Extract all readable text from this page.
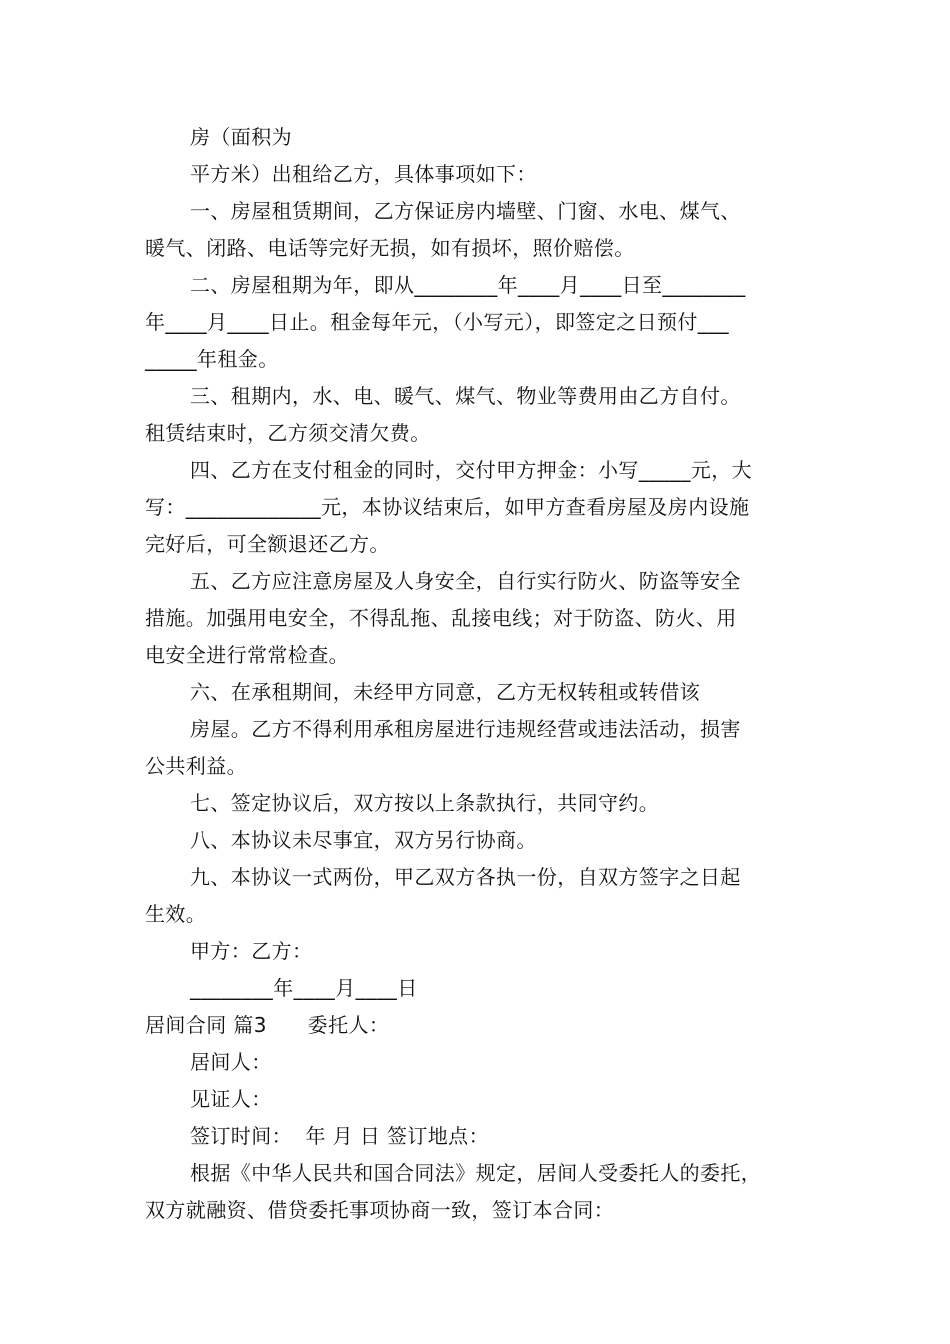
房（面积为
平方米）出租给乙方，具体事项如下：
一、房屋租赁期间，乙方保证房内墙壁、门窗、水电、煤气、
暖气、闭路、电话等完好无损，如有损坏，照价赔偿。
二、房屋租期为年，即从________年____月____日至________
年____月____日止。租金每年元，（小写元），即签定之日预付___
_____年租金。
三、租期内，水、电、暖气、煤气、物业等费用由乙方自付。
租赁结束时，乙方须交清欠费。
四、乙方在支付租金的同时，交付甲方押金：小写_____元，大
写：_____________元，本协议结束后，如甲方查看房屋及房内设施
完好后，可全额退还乙方。
五、乙方应注意房屋及人身安全，自行实行防火、防盗等安全
措施。加强用电安全，不得乱拖、乱接电线；对于防盗、防火、用
电安全进行常常检查。
六、在承租期间，未经甲方同意，乙方无权转租或转借该
房屋。乙方不得利用承租房屋进行违规经营或违法活动，损害
公共利益。
七、签定协议后，双方按以上条款执行，共同守约。
八、本协议未尽事宜，双方另行协商。
九、本协议一式两份，甲乙双方各执一份，自双方签字之日起
生效。
甲方：乙方：
________年____月____日
居间合同 篇3　　委托人：
居间人：
见证人：
签订时间：  年 月 日 签订地点：
根据《中华人民共和国合同法》规定，居间人受委托人的委托，
双方就融资、借贷委托事项协商一致，签订本合同：
